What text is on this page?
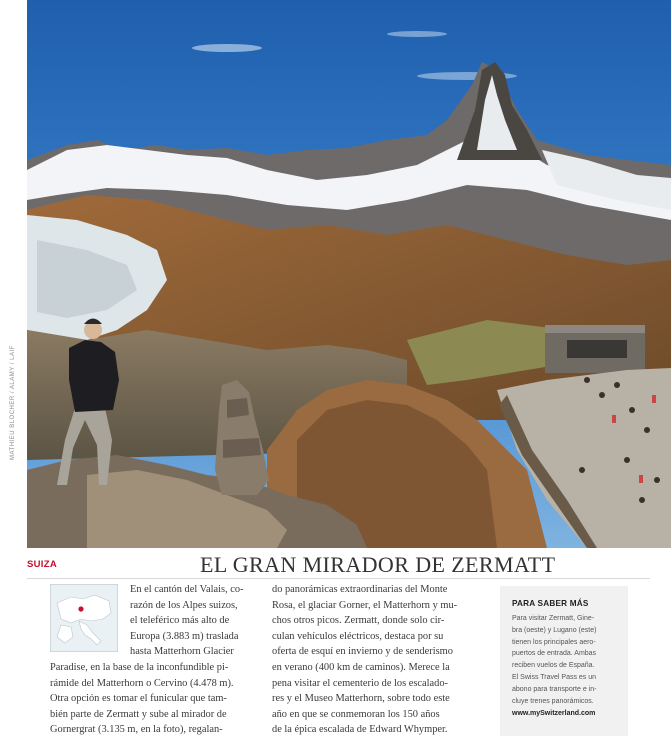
MATHIEU BLOCHER / ALAMY / LAIF
SUIZA	EL GRAN MIRADOR DE ZERMATT
En el cantón del Valais, co-
razón de los Alpes suizos,
el teleférico más alto de
Europa (3.883 m) traslada
hasta Matterhorn Glacier
Paradise, en la base de la inconfundible pi-
rámide del Matterhorn o Cervino (4.478 m).
Otra opción es tomar el funicular que tam-
bién parte de Zermatt y sube al mirador de
Gornergrat (3.135 m, en la foto), regalan-
do panorámicas extraordinarias del Monte
Rosa, el glaciar Gorner, el Matterhorn y mu-
chos otros picos. Zermatt, donde solo cir-
culan vehículos eléctricos, destaca por su
oferta de esquí en invierno y de senderismo
en verano (400 km de caminos). Merece la
pena visitar el cementerio de los escalado-
res y el Museo Matterhorn, sobre todo este
año en que se conmemoran los 150 años
de la épica escalada de Edward Whymper.
PARA SABER MÁS
Para visitar Zermatt, Gine-
bra (oeste) y Lugano (este)
tienen los principales aero-
puertos de entrada. Ambas
reciben vuelos de España.
El Swiss Travel Pass es un
abono para transporte e in-
cluye trenes panorámicos.
www.mySwitzerland.com
